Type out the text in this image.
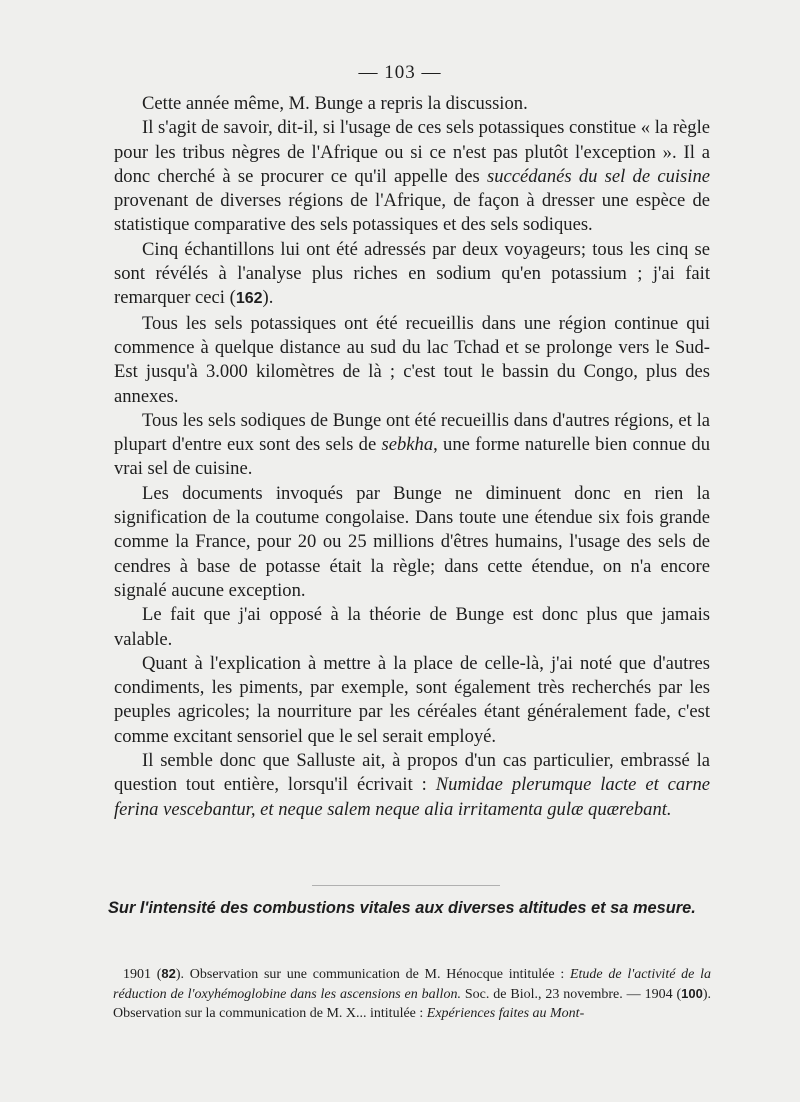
— 103 —

Cette année même, M. Bunge a repris la discussion.

Il s'agit de savoir, dit-il, si l'usage de ces sels potassiques constitue « la règle pour les tribus nègres de l'Afrique ou si ce n'est pas plutôt l'exception ». Il a donc cherché à se procurer ce qu'il appelle des succédanés du sel de cuisine provenant de diverses régions de l'Afrique, de façon à dresser une espèce de statistique comparative des sels potassiques et des sels sodiques.

Cinq échantillons lui ont été adressés par deux voyageurs; tous les cinq se sont révélés à l'analyse plus riches en sodium qu'en potassium ; j'ai fait remarquer ceci (162).

Tous les sels potassiques ont été recueillis dans une région continue qui commence à quelque distance au sud du lac Tchad et se prolonge vers le Sud-Est jusqu'à 3.000 kilomètres de là ; c'est tout le bassin du Congo, plus des annexes.

Tous les sels sodiques de Bunge ont été recueillis dans d'autres régions, et la plupart d'entre eux sont des sels de sebkha, une forme naturelle bien connue du vrai sel de cuisine.

Les documents invoqués par Bunge ne diminuent donc en rien la signification de la coutume congolaise. Dans toute une étendue six fois grande comme la France, pour 20 ou 25 millions d'êtres humains, l'usage des sels de cendres à base de potasse était la règle; dans cette étendue, on n'a encore signalé aucune exception.

Le fait que j'ai opposé à la théorie de Bunge est donc plus que jamais valable.

Quant à l'explication à mettre à la place de celle-là, j'ai noté que d'autres condiments, les piments, par exemple, sont également très recherchés par les peuples agricoles; la nourriture par les céréales étant généralement fade, c'est comme excitant sensoriel que le sel serait employé.

Il semble donc que Salluste ait, à propos d'un cas particulier, embrassé la question tout entière, lorsqu'il écrivait : Numidae plerumque lacte et carne ferina vescebantur, et neque salem neque alia irritamenta gulæ quærebant.

Sur l'intensité des combustions vitales aux diverses altitudes et sa mesure.

1901 (82). Observation sur une communication de M. Hénocque intitulée : Etude de l'activité de la réduction de l'oxyhémoglobine dans les ascensions en ballon. Soc. de Biol., 23 novembre. — 1904 (100). Observation sur la communication de M. X... intitulée : Expériences faites au Mont-
